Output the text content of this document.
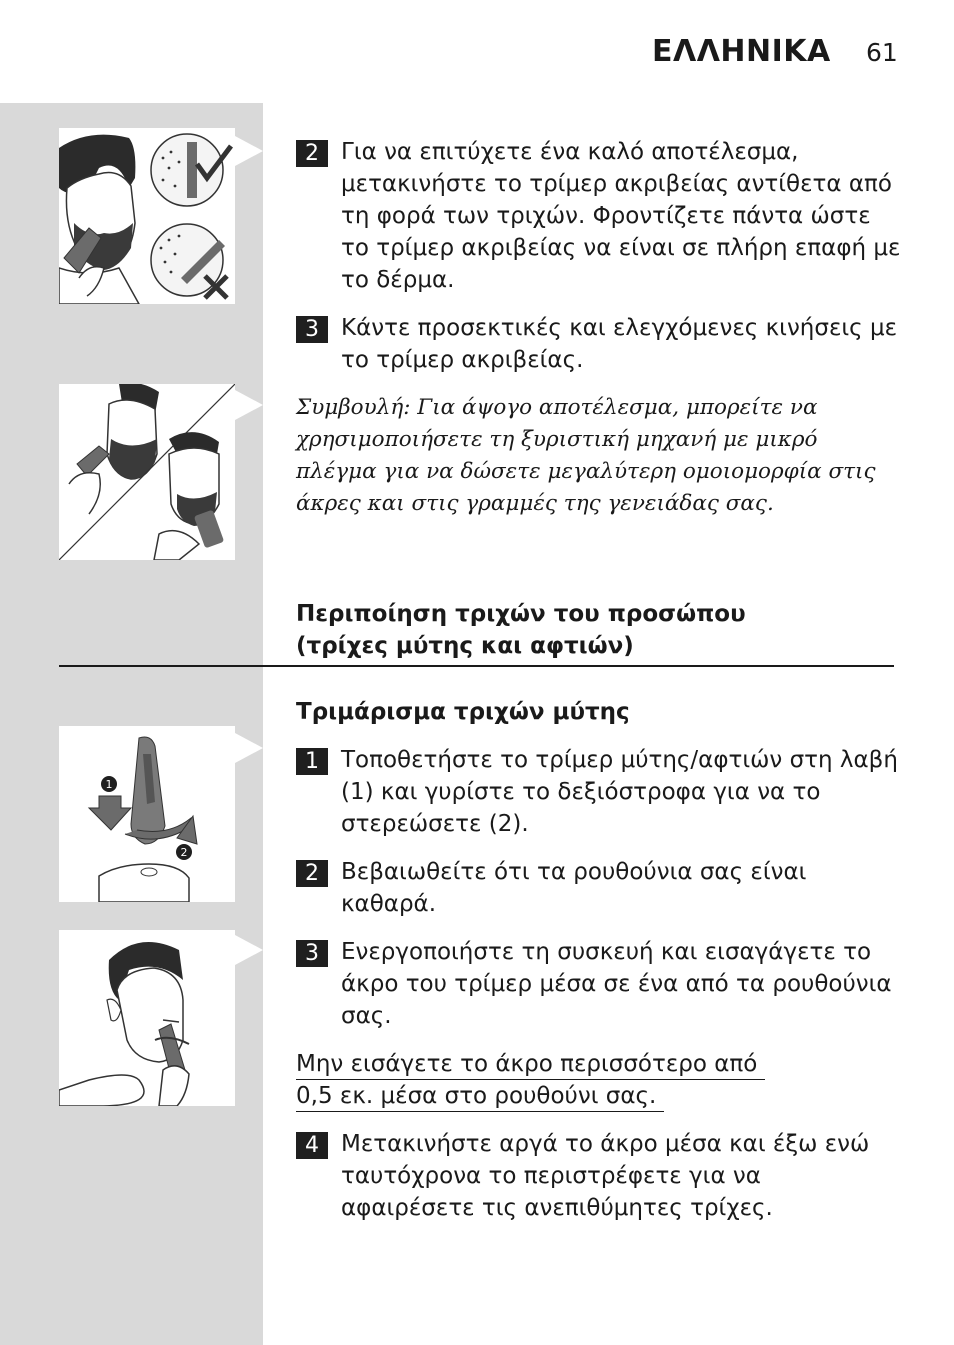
ΕΛΛΗΝΙΚΑ 61
1
2
2 Για να επιτύχετε ένα καλό αποτέλεσμα, μετακινήστε το τρίμερ ακριβείας αντίθετα από τη φορά των τριχών. Φροντίζετε πάντα ώστε το τρίμερ ακριβείας να είναι σε πλήρη επαφή με το δέρμα.
3 Κάντε προσεκτικές και ελεγχόμενες κινήσεις με το τρίμερ ακριβείας.
Συμβουλή: Για άψογο αποτέλεσμα, μπορείτε να χρησιμοποιήσετε τη ξυριστική μηχανή με μικρό πλέγμα για να δώσετε μεγαλύτερη ομοιομορφία στις άκρες και στις γραμμές της γενειάδας σας.
Περιποίηση τριχών του προσώπου
(τρίχες μύτης και αφτιών)
Τριμάρισμα τριχών μύτης
1 Τοποθετήστε το τρίμερ μύτης/αφτιών στη λαβή (1) και γυρίστε το δεξιόστροφα για να το στερεώσετε (2).
2 Βεβαιωθείτε ότι τα ρουθούνια σας είναι καθαρά.
3 Ενεργοποιήστε τη συσκευή και εισαγάγετε το άκρο του τρίμερ μέσα σε ένα από τα ρουθούνια σας.
Μην εισάγετε το άκρο περισσότερο από
0,5 εκ. μέσα στο ρουθούνι σας.
4 Μετακινήστε αργά το άκρο μέσα και έξω ενώ ταυτόχρονα το περιστρέφετε για να αφαιρέσετε τις ανεπιθύμητες τρίχες.
